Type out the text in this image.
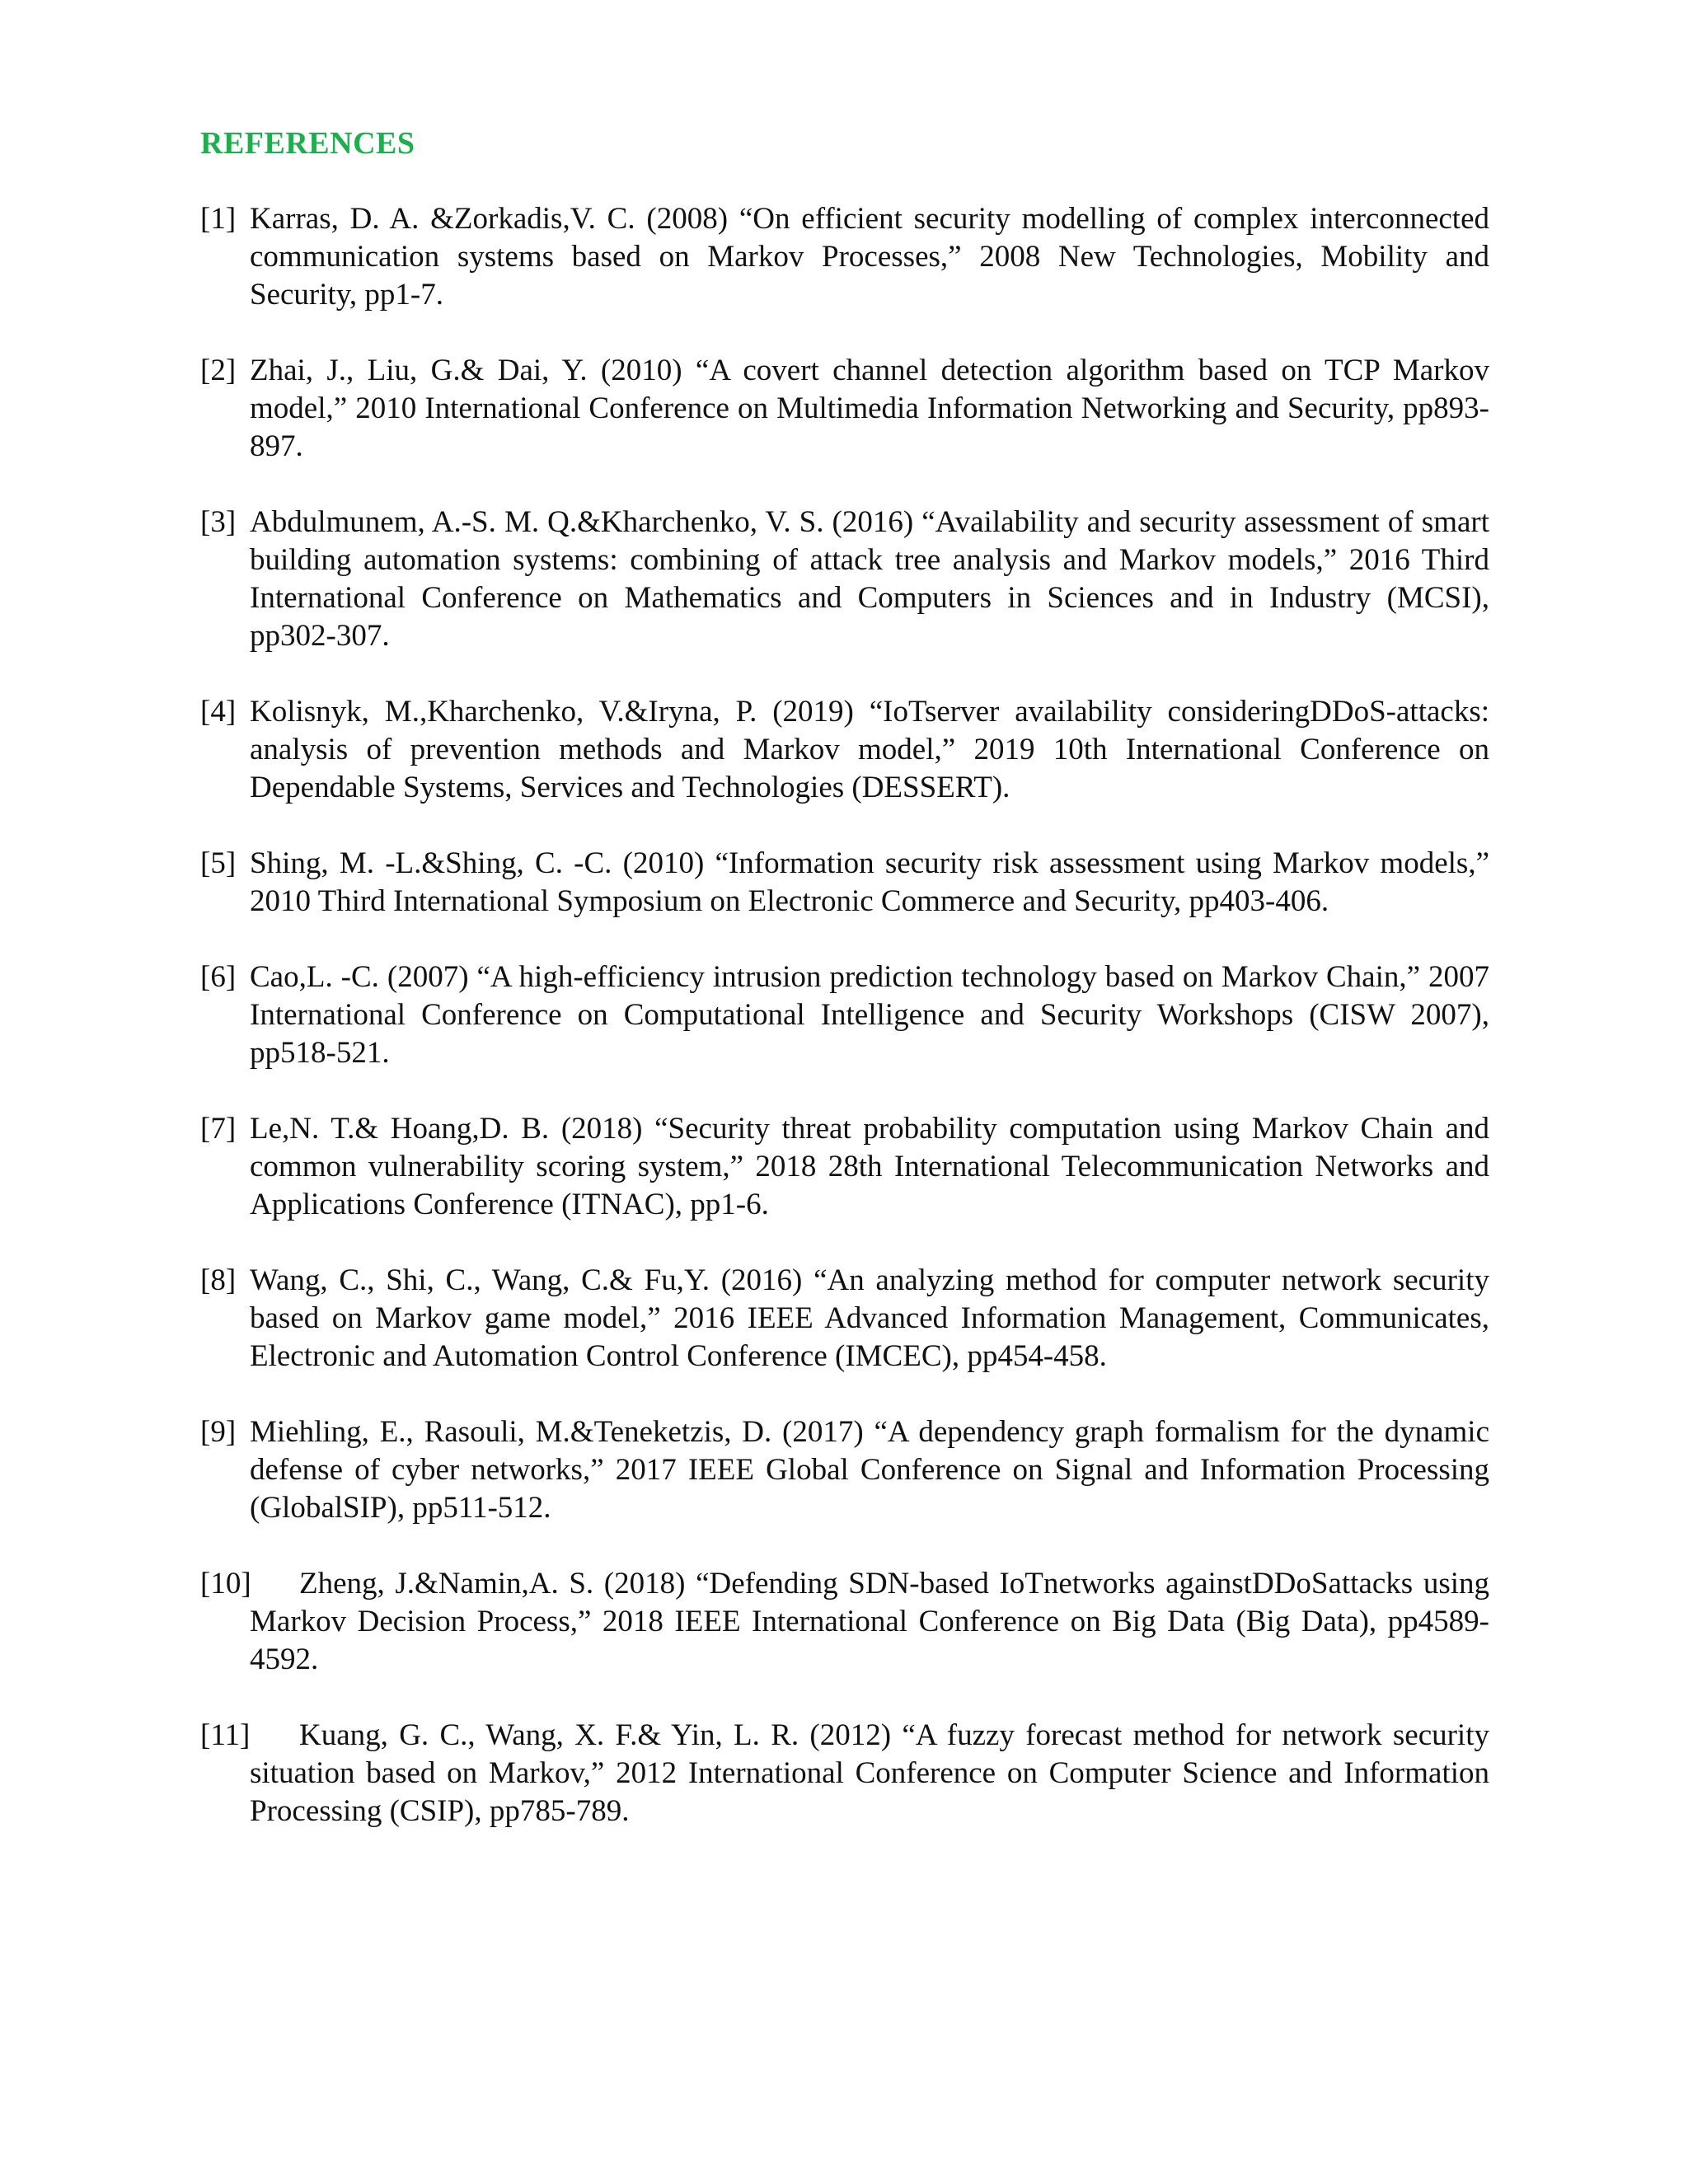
REFERENCES
[1] Karras, D. A. &Zorkadis,V. C. (2008) “On efficient security modelling of complex interconnected communication systems based on Markov Processes,” 2008 New Technologies, Mobility and Security, pp1-7.
[2] Zhai, J., Liu, G.& Dai, Y. (2010) “A covert channel detection algorithm based on TCP Markov model,” 2010 International Conference on Multimedia Information Networking and Security, pp893-897.
[3] Abdulmunem, A.-S. M. Q.&Kharchenko, V. S. (2016) “Availability and security assessment of smart building automation systems: combining of attack tree analysis and Markov models,” 2016 Third International Conference on Mathematics and Computers in Sciences and in Industry (MCSI), pp302-307.
[4] Kolisnyk, M.,Kharchenko, V.&Iryna, P. (2019) “IoTserver availability consideringDDoS-attacks: analysis of prevention methods and Markov model,” 2019 10th International Conference on Dependable Systems, Services and Technologies (DESSERT).
[5] Shing, M. -L.&Shing, C. -C. (2010) “Information security risk assessment using Markov models,” 2010 Third International Symposium on Electronic Commerce and Security, pp403-406.
[6] Cao,L. -C. (2007) “A high-efficiency intrusion prediction technology based on Markov Chain,” 2007 International Conference on Computational Intelligence and Security Workshops (CISW 2007), pp518-521.
[7] Le,N. T.& Hoang,D. B. (2018) “Security threat probability computation using Markov Chain and common vulnerability scoring system,” 2018 28th International Telecommunication Networks and Applications Conference (ITNAC), pp1-6.
[8] Wang, C., Shi, C., Wang, C.& Fu,Y. (2016) “An analyzing method for computer network security based on Markov game model,” 2016 IEEE Advanced Information Management, Communicates, Electronic and Automation Control Conference (IMCEC), pp454-458.
[9] Miehling, E., Rasouli, M.&Teneketzis, D. (2017) “A dependency graph formalism for the dynamic defense of cyber networks,” 2017 IEEE Global Conference on Signal and Information Processing (GlobalSIP), pp511-512.
[10] Zheng, J.&Namin,A. S. (2018) “Defending SDN-based IoTnetworks againstDDoSattacks using Markov Decision Process,” 2018 IEEE International Conference on Big Data (Big Data), pp4589-4592.
[11] Kuang, G. C., Wang, X. F.& Yin, L. R. (2012) “A fuzzy forecast method for network security situation based on Markov,” 2012 International Conference on Computer Science and Information Processing (CSIP), pp785-789.
